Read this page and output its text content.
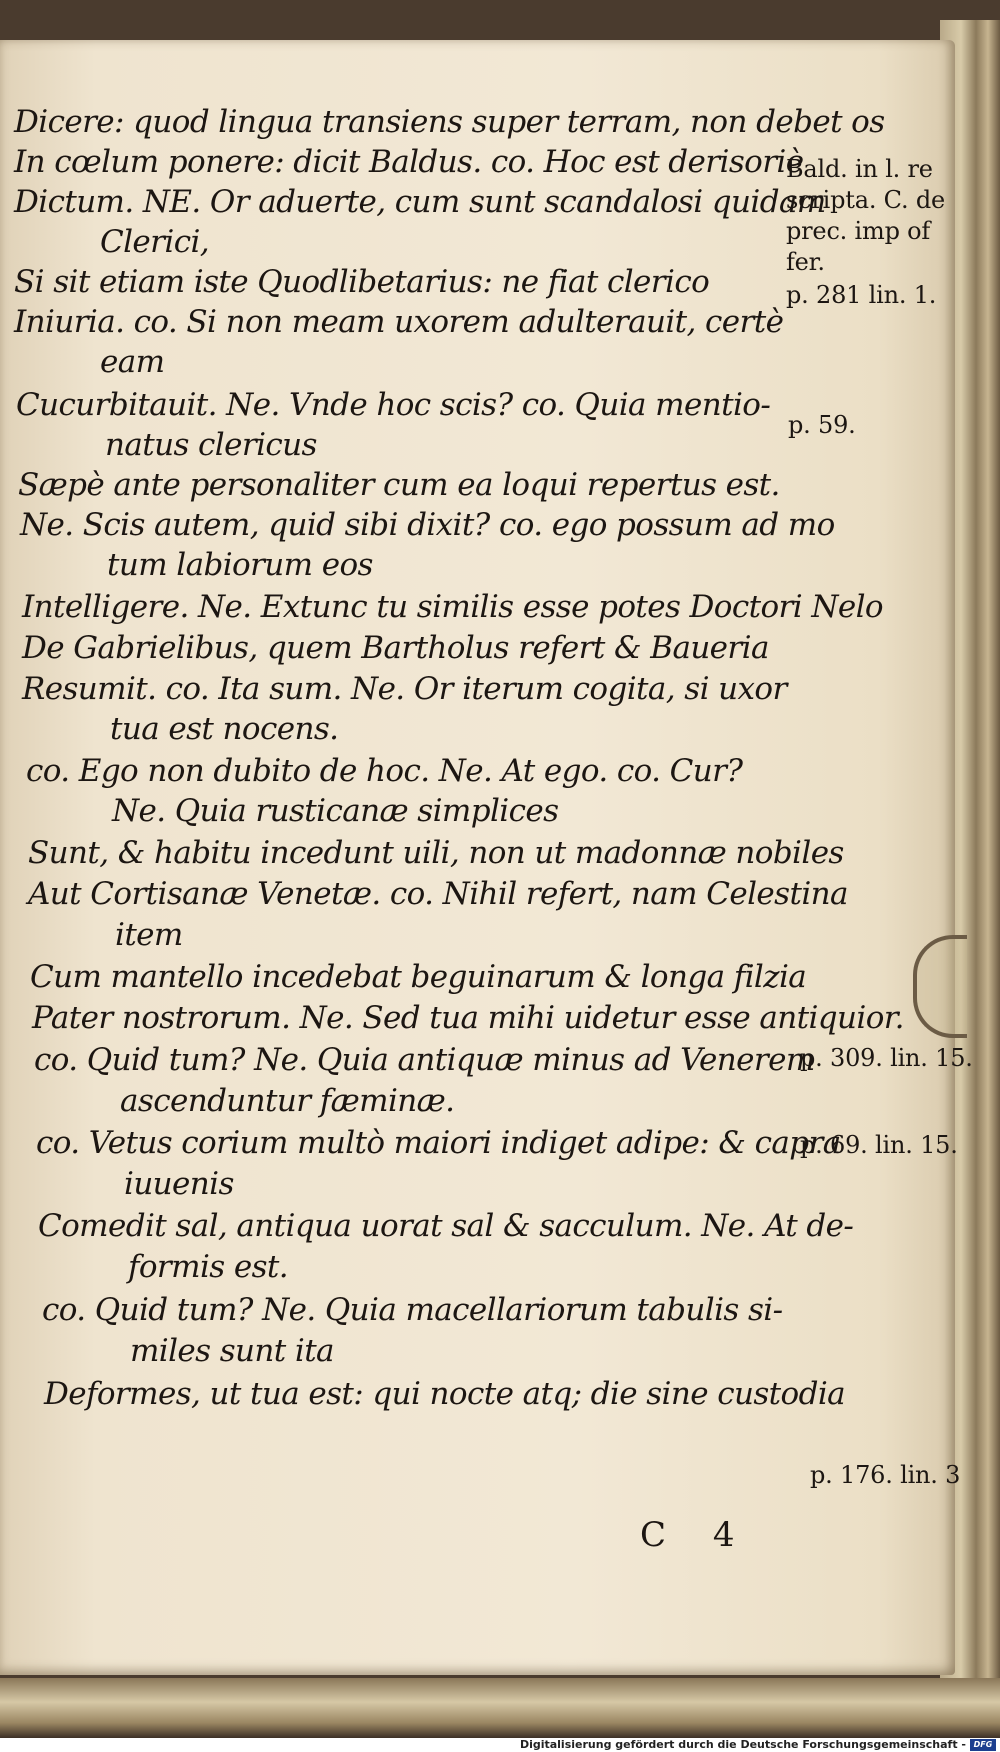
Dicere: quod lingua transiens super terram, non debet os
In cœlum ponere: dicit Baldus. co. Hoc est derisoriè
Dictum. NE. Or aduerte, cum sunt scandalosi quidam
Clerici,
Si sit etiam iste Quodlibetarius: ne fiat clerico
Iniuria. co. Si non meam uxorem adulterauit, certè
eam
Cucurbitauit. Ne. Vnde hoc scis? co. Quia mentio-
natus clericus
Sæpè ante personaliter cum ea loqui repertus est.
Ne. Scis autem, quid sibi dixit? co. ego possum ad mo
tum labiorum eos
Intelligere. Ne. Extunc tu similis esse potes Doctori Nelo
De Gabrielibus, quem Bartholus refert & Baueria
Resumit. co. Ita sum. Ne. Or iterum cogita, si uxor
tua est nocens.
co. Ego non dubito de hoc. Ne. At ego. co. Cur?
Ne. Quia rusticanæ simplices
Sunt, & habitu incedunt uili, non ut madonnæ nobiles
Aut Cortisanæ Venetæ. co. Nihil refert, nam Celestina
item
Cum mantello incedebat beguinarum & longa filzia
Pater nostrorum. Ne. Sed tua mihi uidetur esse antiquior.
co. Quid tum? Ne. Quia antiquæ minus ad Venerem
ascenduntur fæminæ.
co. Vetus corium multò maiori indiget adipe: & capra
iuuenis
Comedit sal, antiqua uorat sal & sacculum. Ne. At de-
formis est.
co. Quid tum? Ne. Quia macellariorum tabulis si-
miles sunt ita
Deformes, ut tua est: qui nocte atq; die sine custodia
Bald. in l. re
scripta. C. de
prec. imp of
fer.
p. 281 lin. 1.
p. 59.
p. 309. lin. 15.
p. 69. lin. 15.
p. 176. lin. 3
C 4
Digitalisierung gefördert durch die Deutsche Forschungsgemeinschaft - DFG
